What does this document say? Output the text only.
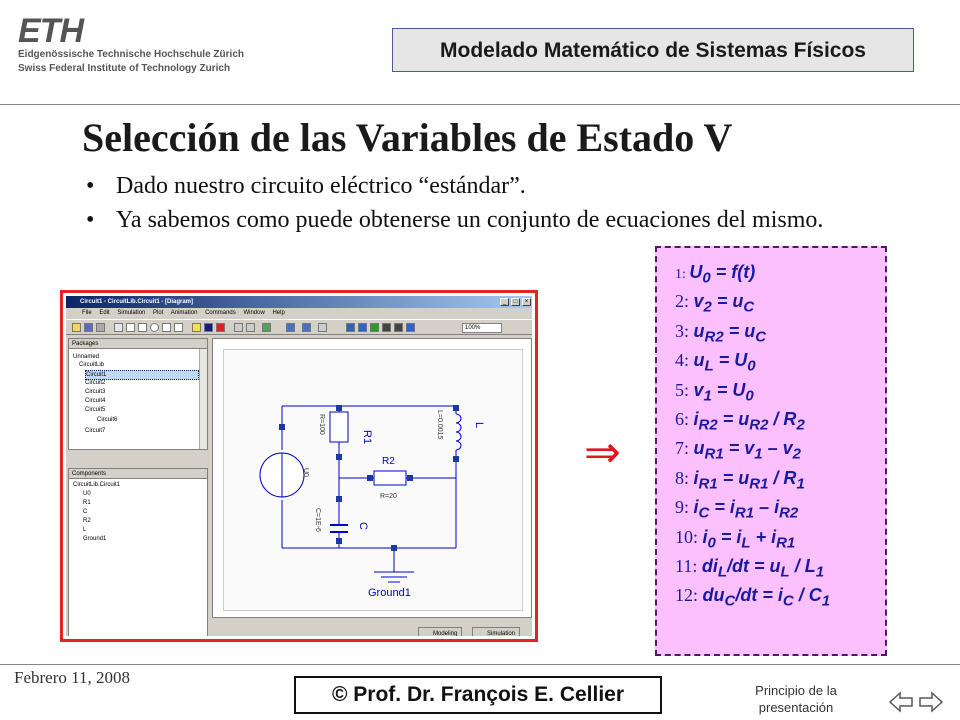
ETH
Eidgenössische Technische Hochschule Zürich
Swiss Federal Institute of Technology Zurich
Modelado Matemático de Sistemas Físicos
Selección de las Variables de Estado V
• Dado nuestro circuito eléctrico “estándar”.
• Ya sabemos como puede obtenerse un conjunto de ecuaciones del mismo.
Circuit1 - CircuitLib.Circuit1 - [Diagram]	_	□	×
File Edit Simulation Plot Animation Commands Window Help
100%
Packages
Unnamed
CircuitLib
Circuit1
Circuit2
Circuit3
Circuit4
Circuit5
Circuit6
Circuit7
Components
CircuitLib.Circuit1
U0
R1
C
R2
L
Ground1
R1
R=100	L=0.0015	L
R2
R=20
C
C=1E-6
U0
Ground1
Modeling	Simulation
⇒
1: $U_0 = f(t)$
2: $v_2 = u_C$
3: $u_{R2} = u_C$
4: $u_L = U_0$
5: $v_1 = U_0$
6: $i_{R2} = u_{R2} / R_2$
7: $u_{R1} = v_1 - v_2$
8: $i_{R1} = u_{R1} / R_1$
9: $i_C = i_{R1} - i_{R2}$
10: $i_0 = i_L + i_{R1}$
11: $di_L/dt = u_L / L_1$
12: $du_C/dt = i_C / C_1$
Febrero 11, 2008
© Prof. Dr. François E. Cellier	Principio de la presentación
